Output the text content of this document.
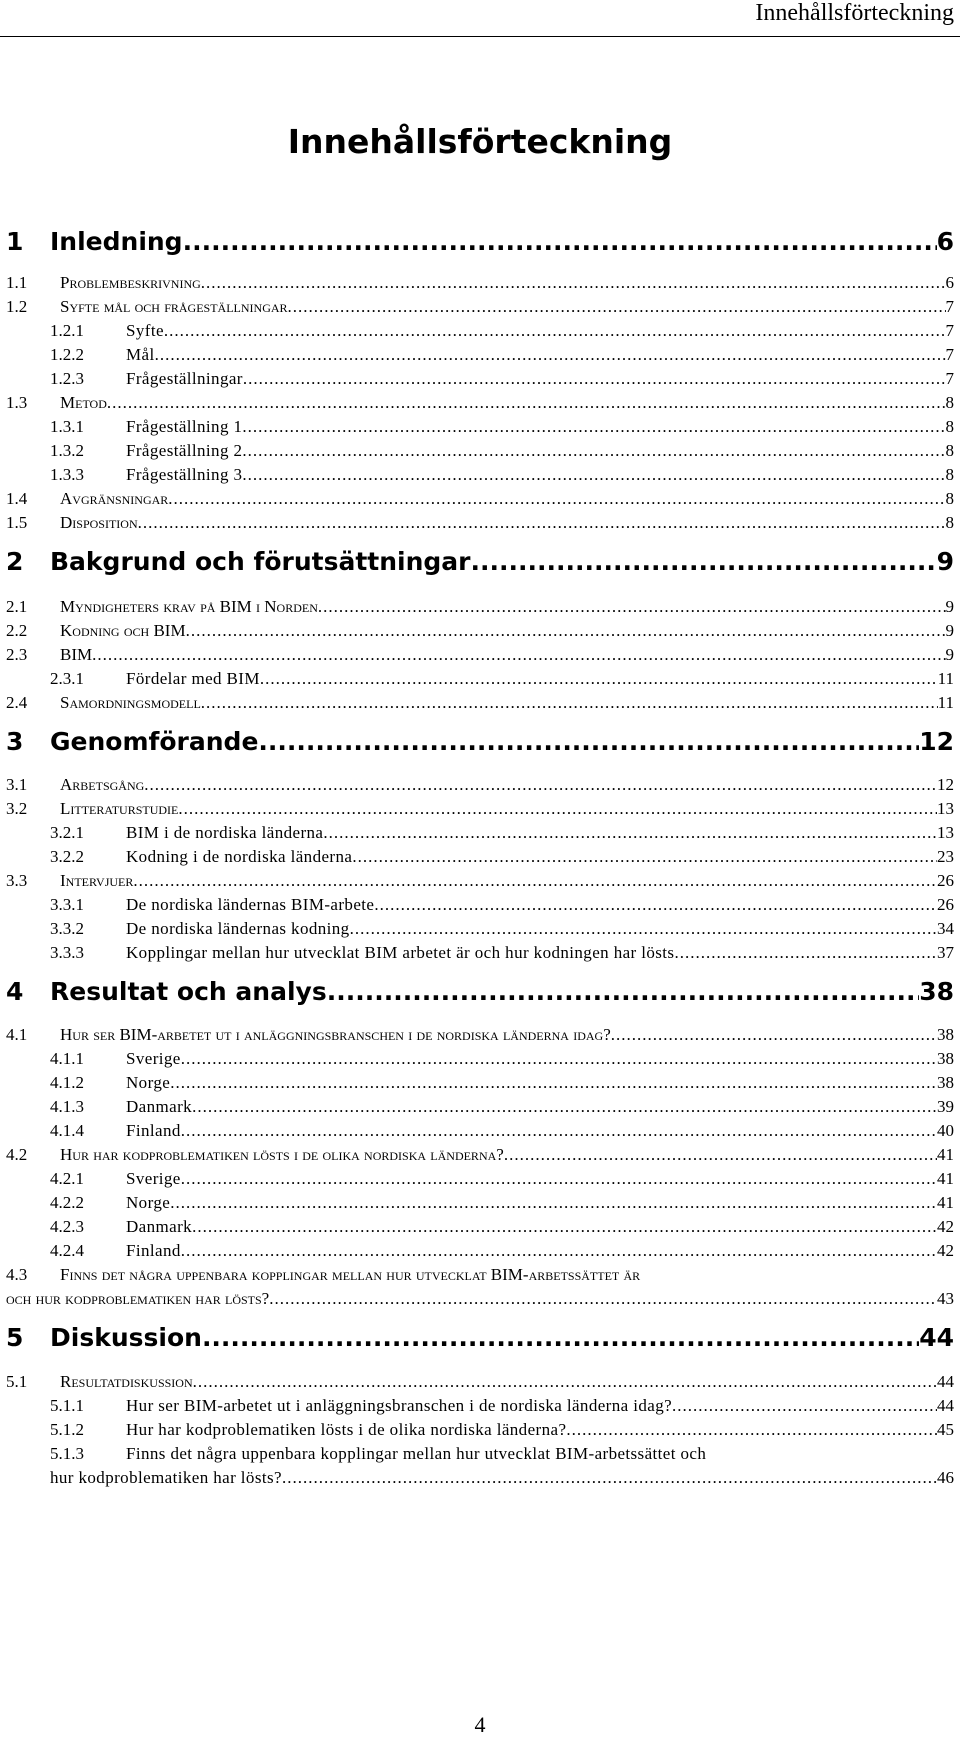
Innehållsförteckning
Innehållsförteckning
1 Inledning .....	6
1.1 Problembeskrivning .....	6
1.2 Syfte mål och frågeställningar .....	7
1.2.1 Syfte .....	7
1.2.2 Mål .....	7
1.2.3 Frågeställningar .....	7
1.3 Metod .....	8
1.3.1 Frågeställning 1 .....	8
1.3.2 Frågeställning 2 .....	8
1.3.3 Frågeställning 3 .....	8
1.4 Avgränsningar .....	8
1.5 Disposition .....	8
2 Bakgrund och förutsättningar .....	9
2.1 Myndigheters krav på BIM i Norden .....	9
2.2 Kodning och BIM .....	9
2.3 BIM .....	9
2.3.1 Fördelar med BIM .....	11
2.4 Samordningsmodell .....	11
3 Genomförande .....	12
3.1 Arbetsgång .....	12
3.2 Litteraturstudie .....	13
3.2.1 BIM i de nordiska länderna .....	13
3.2.2 Kodning i de nordiska länderna .....	23
3.3 Intervjuer .....	26
3.3.1 De nordiska ländernas BIM-arbete .....	26
3.3.2 De nordiska ländernas kodning .....	34
3.3.3 Kopplingar mellan hur utvecklat BIM arbetet är och hur kodningen har lösts .....	37
4 Resultat och analys .....	38
4.1 Hur ser BIM-arbetet ut i anläggningsbranschen i de nordiska länderna idag? .....	38
4.1.1 Sverige .....	38
4.1.2 Norge .....	38
4.1.3 Danmark .....	39
4.1.4 Finland .....	40
4.2 Hur har kodproblematiken lösts i de olika nordiska länderna? .....	41
4.2.1 Sverige .....	41
4.2.2 Norge .....	41
4.2.3 Danmark .....	42
4.2.4 Finland .....	42
4.3 Finns det några uppenbara kopplingar mellan hur utvecklat BIM-arbetssättet är
och hur kodproblematiken har lösts? .....	43
5 Diskussion .....	44
5.1 Resultatdiskussion .....	44
5.1.1 Hur ser BIM-arbetet ut i anläggningsbranschen i de nordiska länderna idag? .....	44
5.1.2 Hur har kodproblematiken lösts i de olika nordiska länderna? .....	45
5.1.3 Finns det några uppenbara kopplingar mellan hur utvecklat BIM-arbetssättet och
hur kodproblematiken har lösts? .....	46
4
